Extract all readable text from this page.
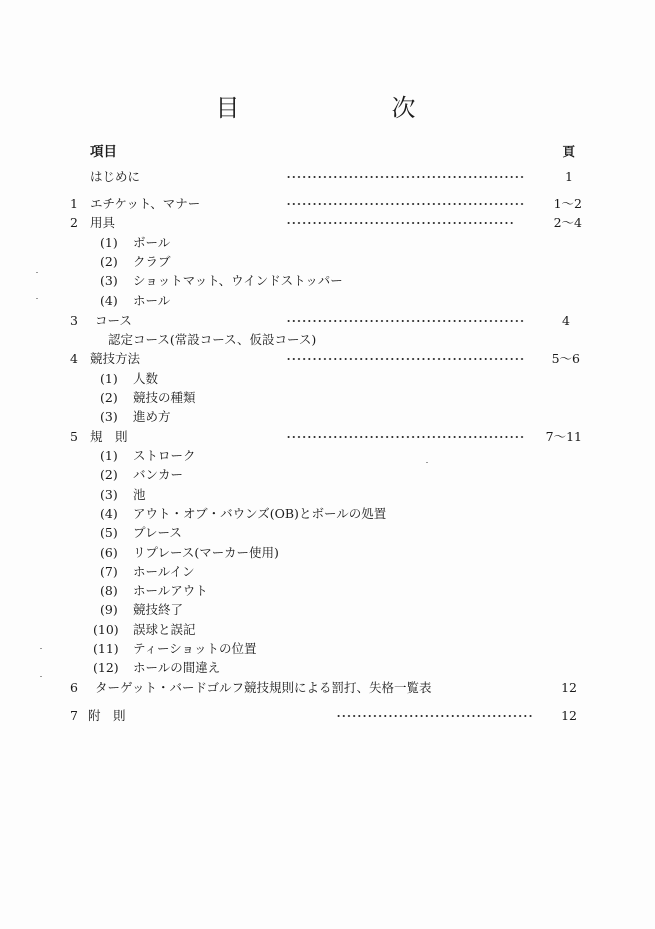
目　次
項目	頁
はじめに	1
1 エチケット、マナー	1〜2
2 用具	2〜4
(1) ボール
(2) クラブ
(3) ショットマット、ウインドストッパー
(4) ホール
3 コース	4
認定コース(常設コース、仮設コース)
4 競技方法	5〜6
(1) 人数
(2) 競技の種類
(3) 進め方
5 規　則	7〜11
(1) ストローク
(2) バンカー
(3) 池
(4) アウト・オブ・バウンズ(OB)とボールの処置
(5) プレース
(6) リプレース(マーカー使用)
(7) ホールイン
(8) ホールアウト
(9) 競技終了
(10) 誤球と誤記
(11) ティーショットの位置
(12) ホールの間違え
6 ターゲット・バードゴルフ競技規則による罰打、失格一覧表	12
7 附　則	12
